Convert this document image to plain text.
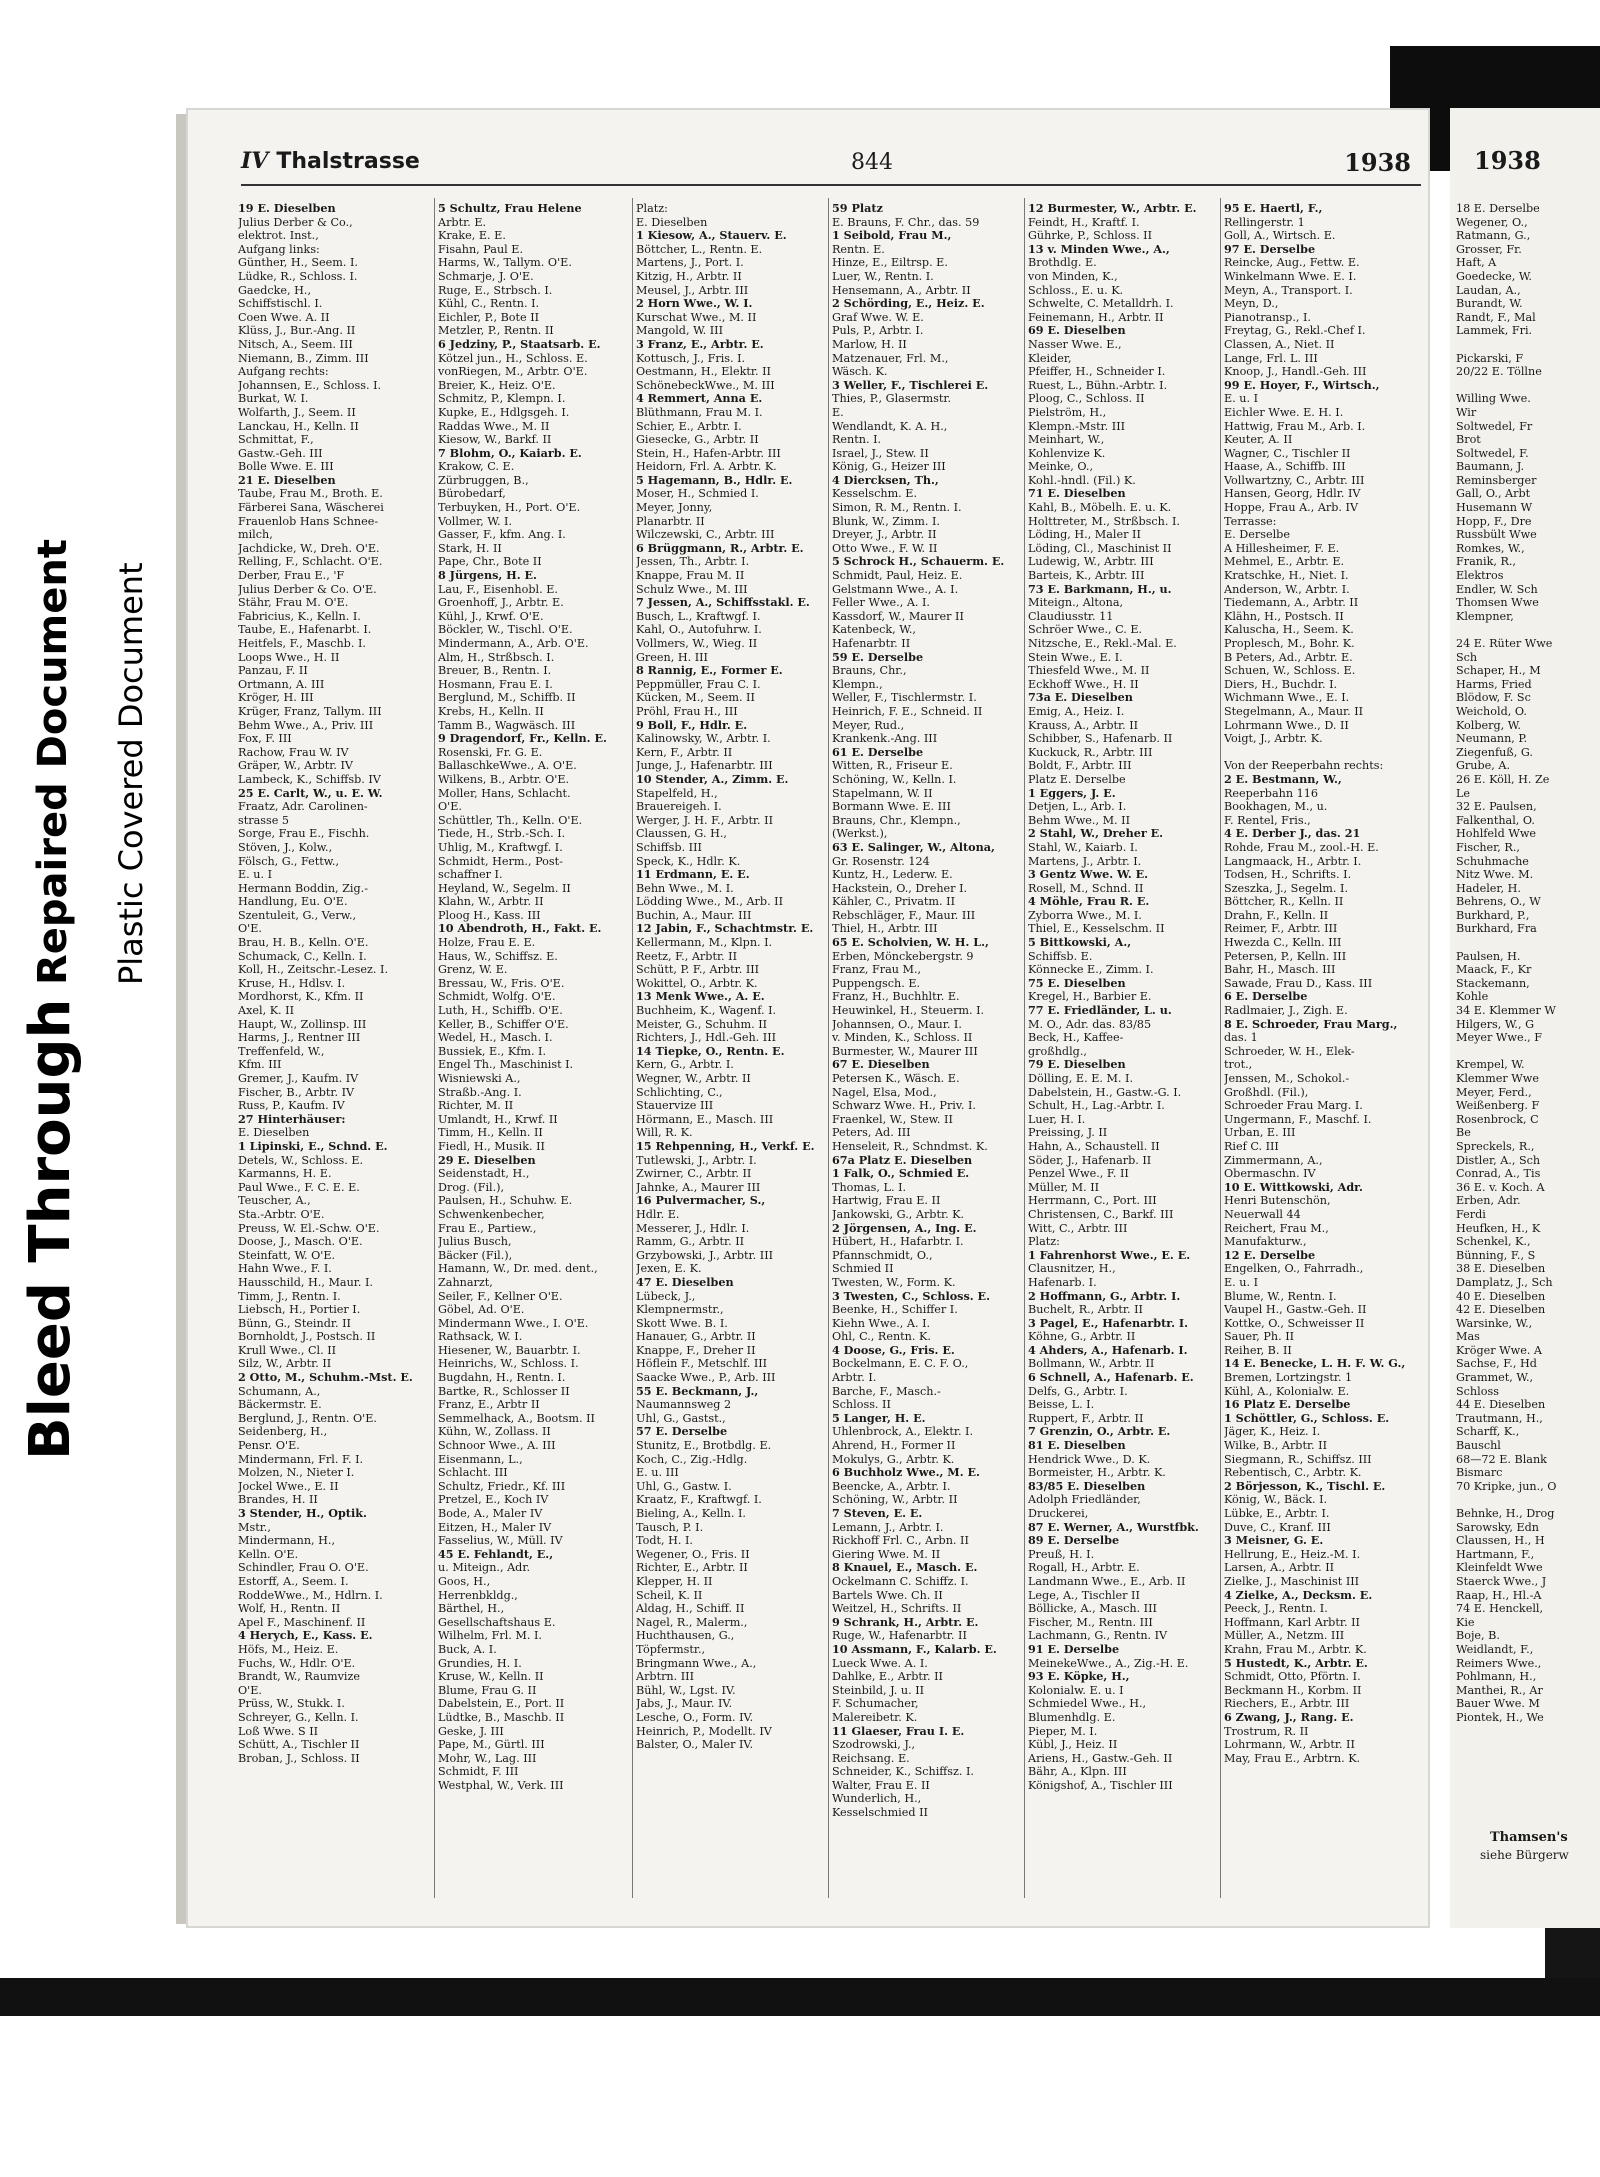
Bleed Through
Repaired Document Plastic Covered Document
IV Thalstrasse	844	1938
19 E. Dieselben
Julius Derber & Co.,
elektrot. Inst.,
Aufgang links:
Günther, H., Seem. I.
Lüdke, R., Schloss. I.
Gaedcke, H.,
Schiffstischl. I.
Coen Wwe. A. II
Klüss, J., Bur.-Ang. II
Nitsch, A., Seem. III
Niemann, B., Zimm. III
Aufgang rechts:
Johannsen, E., Schloss. I.
Burkat, W. I.
Wolfarth, J., Seem. II
Lanckau, H., Kelln. II
Schmittat, F.,
Gastw.-Geh. III
Bolle Wwe. E. III
21 E. Dieselben
Taube, Frau M., Broth. E.
Färberei Sana, Wäscherei
Frauenlob Hans Schnee-
milch,
Jachdicke, W., Dreh. O'E.
Relling, F., Schlacht. O'E.
Derber, Frau E., 'F
Julius Derber & Co. O'E.
Stähr, Frau M. O'E.
Fabricius, K., Kelln. I.
Taube, E., Hafenarbt. I.
Heitfels, F., Maschb. I.
Loops Wwe., H. II
Panzau, F. II
Ortmann, A. III
Kröger, H. III
Krüger, Franz, Tallym. III
Behm Wwe., A., Priv. III
Fox, F. III
Rachow, Frau W. IV
Gräper, W., Arbtr. IV
Lambeck, K., Schiffsb. IV
25 E. Carlt, W., u. E. W.
Fraatz, Adr. Carolinen-
strasse 5
Sorge, Frau E., Fischh.
Stöven, J., Kolw.,
Fölsch, G., Fettw.,
E. u. I
Hermann Boddin, Zig.-
Handlung, Eu. O'E.
Szentuleit, G., Verw.,
O'E.
Brau, H. B., Kelln. O'E.
Schumack, C., Kelln. I.
Koll, H., Zeitschr.-Lesez. I.
Kruse, H., Hdlsv. I.
Mordhorst, K., Kfm. II
Axel, K. II
Haupt, W., Zollinsp. III
Harms, J., Rentner III
Treffenfeld, W.,
Kfm. III
Gremer, J., Kaufm. IV
Fischer, B., Arbtr. IV
Russ, P., Kaufm. IV
27 Hinterhäuser:
E. Dieselben
1 Lipinski, E., Schnd. E.
Detels, W., Schloss. E.
Karmanns, H. E.
Paul Wwe., F. C. E. E.
Teuscher, A.,
Sta.-Arbtr. O'E.
Preuss, W. El.-Schw. O'E.
Doose, J., Masch. O'E.
Steinfatt, W. O'E.
Hahn Wwe., F. I.
Hausschild, H., Maur. I.
Timm, J., Rentn. I.
Liebsch, H., Portier I.
Bünn, G., Steindr. II
Bornholdt, J., Postsch. II
Krull Wwe., Cl. II
Silz, W., Arbtr. II
2 Otto, M., Schuhm.-Mst. E.
Schumann, A.,
Bäckermstr. E.
Berglund, J., Rentn. O'E.
Seidenberg, H.,
Pensr. O'E.
Mindermann, Frl. F. I.
Molzen, N., Nieter I.
Jockel Wwe., E. II
Brandes, H. II
3 Stender, H., Optik.
Mstr.,
Mindermann, H.,
Kelln. O'E.
Schindler, Frau O. O'E.
Estorff, A., Seem. I.
RoddeWwe., M., Hdlrn. I.
Wolf, H., Rentn. II
Apel F., Maschinenf. II
4 Herych, E., Kass. E.
Höfs, M., Heiz. E.
Fuchs, W., Hdlr. O'E.
Brandt, W., Raumvize
O'E.
Prüss, W., Stukk. I.
Schreyer, G., Kelln. I.
Loß Wwe. S II
Schütt, A., Tischler II
Broban, J., Schloss. II
5 Schultz, Frau Helene
Arbtr. E.
Krake, E. E.
Fisahn, Paul E.
Harms, W., Tallym. O'E.
Schmarje, J. O'E.
Ruge, E., Strbsch. I.
Kühl, C., Rentn. I.
Eichler, P., Bote II
Metzler, P., Rentn. II
6 Jedziny, P., Staatsarb. E.
Kötzel jun., H., Schloss. E.
vonRiegen, M., Arbtr. O'E.
Breier, K., Heiz. O'E.
Schmitz, P., Klempn. I.
Kupke, E., Hdlgsgeh. I.
Raddas Wwe., M. II
Kiesow, W., Barkf. II
7 Blohm, O., Kaiarb. E.
Krakow, C. E.
Zürbruggen, B.,
Bürobedarf,
Terbuyken, H., Port. O'E.
Vollmer, W. I.
Gasser, F., kfm. Ang. I.
Stark, H. II
Pape, Chr., Bote II
8 Jürgens, H. E.
Lau, F., Eisenhobl. E.
Groenhoff, J., Arbtr. E.
Kühl, J., Krwf. O'E.
Böckler, W., Tischl. O'E.
Mindermann, A., Arb. O'E.
Alm, H., Strßbsch. I.
Breuer, B., Rentn. I.
Hosmann, Frau E. I.
Berglund, M., Schiffb. II
Krebs, H., Kelln. II
Tamm B., Wagwäsch. III
9 Dragendorf, Fr., Kelln. E.
Rosenski, Fr. G. E.
BallaschkeWwe., A. O'E.
Wilkens, B., Arbtr. O'E.
Moller, Hans, Schlacht.
O'E.
Schüttler, Th., Kelln. O'E.
Tiede, H., Strb.-Sch. I.
Uhlig, M., Kraftwgf. I.
Schmidt, Herm., Post-
schaffner I.
Heyland, W., Segelm. II
Klahn, W., Arbtr. II
Ploog H., Kass. III
10 Abendroth, H., Fakt. E.
Holze, Frau E. E.
Haus, W., Schiffsz. E.
Grenz, W. E.
Bressau, W., Fris. O'E.
Schmidt, Wolfg. O'E.
Luth, H., Schiffb. O'E.
Keller, B., Schiffer O'E.
Wedel, H., Masch. I.
Bussiek, E., Kfm. I.
Engel Th., Maschinist I.
Wisniewski A.,
Straßb.-Ang. I.
Richter, M. II
Umlandt, H., Krwf. II
Timm, H., Kelln. II
Fiedl, H., Musik. II
29 E. Dieselben
Seidenstadt, H.,
Drog. (Fil.),
Paulsen, H., Schuhw. E.
Schwenkenbecher,
Frau E., Partiew.,
Julius Busch,
Bäcker (Fil.),
Hamann, W., Dr. med. dent.,
Zahnarzt,
Seiler, F., Kellner O'E.
Göbel, Ad. O'E.
Mindermann Wwe., I. O'E.
Rathsack, W. I.
Hiesener, W., Bauarbtr. I.
Heinrichs, W., Schloss. I.
Bugdahn, H., Rentn. I.
Bartke, R., Schlosser II
Franz, E., Arbtr II
Semmelhack, A., Bootsm. II
Kühn, W., Zollass. II
Schnoor Wwe., A. III
Eisenmann, L.,
Schlacht. III
Schultz, Friedr., Kf. III
Pretzel, E., Koch IV
Bode, A., Maler IV
Eitzen, H., Maler IV
Fasselius, W., Müll. IV
45 E. Fehlandt, E.,
u. Miteign., Adr.
Goos, H.,
Herrenbkldg.,
Bärthel, H.,
Gesellschaftshaus E.
Wilhelm, Frl. M. I.
Buck, A. I.
Grundies, H. I.
Kruse, W., Kelln. II
Blume, Frau G. II
Dabelstein, E., Port. II
Lüdtke, B., Maschb. II
Geske, J. III
Pape, M., Gürtl. III
Mohr, W., Lag. III
Schmidt, F. III
Westphal, W., Verk. III
Platz:
E. Dieselben
1 Kiesow, A., Stauerv. E.
Böttcher, L., Rentn. E.
Martens, J., Port. I.
Kitzig, H., Arbtr. II
Meusel, J., Arbtr. III
2 Horn Wwe., W. I.
Kurschat Wwe., M. II
Mangold, W. III
3 Franz, E., Arbtr. E.
Kottusch, J., Fris. I.
Oestmann, H., Elektr. II
SchönebeckWwe., M. III
4 Remmert, Anna E.
Blüthmann, Frau M. I.
Schier, E., Arbtr. I.
Giesecke, G., Arbtr. II
Stein, H., Hafen-Arbtr. III
Heidorn, Frl. A. Arbtr. K.
5 Hagemann, B., Hdlr. E.
Moser, H., Schmied I.
Meyer, Jonny,
Planarbtr. II
Wilczewski, C., Arbtr. III
6 Brüggmann, R., Arbtr. E.
Jessen, Th., Arbtr. I.
Knappe, Frau M. II
Schulz Wwe., M. III
7 Jessen, A., Schiffsstakl. E.
Busch, L., Kraftwgf. I.
Kahl, O., Autofuhrw. I.
Vollmers, W., Wieg. II
Green, H. III
8 Rannig, E., Former E.
Peppmüller, Frau C. I.
Kücken, M., Seem. II
Pröhl, Frau H., III
9 Boll, F., Hdlr. E.
Kalinowsky, W., Arbtr. I.
Kern, F., Arbtr. II
Junge, J., Hafenarbtr. III
10 Stender, A., Zimm. E.
Stapelfeld, H.,
Brauereigeh. I.
Werger, J. H. F., Arbtr. II
Claussen, G. H.,
Schiffsb. III
Speck, K., Hdlr. K.
11 Erdmann, E. E.
Behn Wwe., M. I.
Lödding Wwe., M., Arb. II
Buchin, A., Maur. III
12 Jabin, F., Schachtmstr. E.
Kellermann, M., Klpn. I.
Reetz, F., Arbtr. II
Schütt, P. F., Arbtr. III
Wokittel, O., Arbtr. K.
13 Menk Wwe., A. E.
Buchheim, K., Wagenf. I.
Meister, G., Schuhm. II
Richters, J., Hdl.-Geh. III
14 Tiepke, O., Rentn. E.
Kern, G., Arbtr. I.
Wegner, W., Arbtr. II
Schlichting, C.,
Stauervize III
Hörmann, E., Masch. III
Will, R. K.
15 Rehpenning, H., Verkf. E.
Tutlewski, J., Arbtr. I.
Zwirner, C., Arbtr. II
Jahnke, A., Maurer III
16 Pulvermacher, S.,
Hdlr. E.
Messerer, J., Hdlr. I.
Ramm, G., Arbtr. II
Grzybowski, J., Arbtr. III
Jexen, E. K.
47 E. Dieselben
Lübeck, J.,
Klempnermstr.,
Skott Wwe. B. I.
Hanauer, G., Arbtr. II
Knappe, F., Dreher II
Höflein F., Metschlf. III
Saacke Wwe., P., Arb. III
55 E. Beckmann, J.,
Naumannsweg 2
Uhl, G., Gastst.,
57 E. Derselbe
Stunitz, E., Brotbdlg. E.
Koch, C., Zig.-Hdlg.
E. u. III
Uhl, G., Gastw. I.
Kraatz, F., Kraftwgf. I.
Bieling, A., Kelln. I.
Tausch, P. I.
Todt, H. I.
Wegener, O., Fris. II
Richter, E., Arbtr. II
Klepper, H. II
Scheil, K. II
Aldag, H., Schiff. II
Nagel, R., Malerm.,
Huchthausen, G.,
Töpfermstr.,
Bringmann Wwe., A.,
Arbtrn. III
Bühl, W., Lgst. IV.
Jabs, J., Maur. IV.
Lesche, O., Form. IV.
Heinrich, P., Modellt. IV
Balster, O., Maler IV.
59 Platz
E. Brauns, F. Chr., das. 59
1 Seibold, Frau M.,
Rentn. E.
Hinze, E., Eiltrsp. E.
Luer, W., Rentn. I.
Hensemann, A., Arbtr. II
2 Schörding, E., Heiz. E.
Graf Wwe. W. E.
Puls, P., Arbtr. I.
Marlow, H. II
Matzenauer, Frl. M.,
Wäsch. K.
3 Weller, F., Tischlerei E.
Thies, P., Glasermstr.
E.
Wendlandt, K. A. H.,
Rentn. I.
Israel, J., Stew. II
König, G., Heizer III
4 Diercksen, Th.,
Kesselschm. E.
Simon, R. M., Rentn. I.
Blunk, W., Zimm. I.
Dreyer, J., Arbtr. II
Otto Wwe., F. W. II
5 Schrock H., Schauerm. E.
Schmidt, Paul, Heiz. E.
Gelstmann Wwe., A. I.
Feller Wwe., A. I.
Kassdorf, W., Maurer II
Katenbeck, W.,
Hafenarbtr. II
59 E. Derselbe
Brauns, Chr.,
Klempn.,
Weller, F., Tischlermstr. I.
Heinrich, F. E., Schneid. II
Meyer, Rud.,
Krankenk.-Ang. III
61 E. Derselbe
Witten, R., Friseur E.
Schöning, W., Kelln. I.
Stapelmann, W. II
Bormann Wwe. E. III
Brauns, Chr., Klempn.,
(Werkst.),
63 E. Salinger, W., Altona,
Gr. Rosenstr. 124
Kuntz, H., Lederw. E.
Hackstein, O., Dreher I.
Kähler, C., Privatm. II
Rebschläger, F., Maur. III
Thiel, H., Arbtr. III
65 E. Scholvien, W. H. L.,
Erben, Mönckebergstr. 9
Franz, Frau M.,
Puppengsch. E.
Franz, H., Buchhltr. E.
Heuwinkel, H., Steuerm. I.
Johannsen, O., Maur. I.
v. Minden, K., Schloss. II
Burmester, W., Maurer III
67 E. Dieselben
Petersen K., Wäsch. E.
Nagel, Elsa, Mod.,
Schwarz Wwe. H., Priv. I.
Fraenkel, W., Stew. II
Peters, Ad. III
Henseleit, R., Schndmst. K.
67a Platz E. Dieselben
1 Falk, O., Schmied E.
Thomas, L. I.
Hartwig, Frau E. II
Jankowski, G., Arbtr. K.
2 Jörgensen, A., Ing. E.
Hübert, H., Hafarbtr. I.
Pfannschmidt, O.,
Schmied II
Twesten, W., Form. K.
3 Twesten, C., Schloss. E.
Beenke, H., Schiffer I.
Kiehn Wwe., A. I.
Ohl, C., Rentn. K.
4 Doose, G., Fris. E.
Bockelmann, E. C. F. O.,
Arbtr. I.
Barche, F., Masch.-
Schloss. II
5 Langer, H. E.
Uhlenbrock, A., Elektr. I.
Ahrend, H., Former II
Mokulys, G., Arbtr. K.
6 Buchholz Wwe., M. E.
Beencke, A., Arbtr. I.
Schöning, W., Arbtr. II
7 Steven, E. E.
Lemann, J., Arbtr. I.
Rickhoff Frl. C., Arbn. II
Giering Wwe. M. II
8 Knauel, E., Masch. E.
Ockelmann C. Schiffz. I.
Bartels Wwe. Ch. II
Weitzel, H., Schrifts. II
9 Schrank, H., Arbtr. E.
Ruge, W., Hafenarbtr. II
10 Assmann, F., Kalarb. E.
Lueck Wwe. A. I.
Dahlke, E., Arbtr. II
Steinbild, J. u. II
F. Schumacher,
Malereibetr. K.
11 Glaeser, Frau I. E.
Szodrowski, J.,
Reichsang. E.
Schneider, K., Schiffsz. I.
Walter, Frau E. II
Wunderlich, H.,
Kesselschmied II
12 Burmester, W., Arbtr. E.
Feindt, H., Kraftf. I.
Gührke, P., Schloss. II
13 v. Minden Wwe., A.,
Brothdlg. E.
von Minden, K.,
Schloss., E. u. K.
Schwelte, C. Metalldrh. I.
Feinemann, H., Arbtr. II
69 E. Dieselben
Nasser Wwe. E.,
Kleider,
Pfeiffer, H., Schneider I.
Ruest, L., Bühn.-Arbtr. I.
Ploog, C., Schloss. II
Pielström, H.,
Klempn.-Mstr. III
Meinhart, W.,
Kohlenvize K.
Meinke, O.,
Kohl.-hndl. (Fil.) K.
71 E. Dieselben
Kahl, B., Möbelh. E. u. K.
Holttreter, M., Strßbsch. I.
Löding, H., Maler II
Löding, Cl., Maschinist II
Ludewig, W., Arbtr. III
Barteis, K., Arbtr. III
73 E. Barkmann, H., u.
Miteign., Altona,
Claudiusstr. 11
Schröer Wwe., C. E.
Nitzsche, E., Rekl.-Mal. E.
Stein Wwe., E. I.
Thiesfeld Wwe., M. II
Eckhoff Wwe., H. II
73a E. Dieselben
Emig, A., Heiz. I.
Krauss, A., Arbtr. II
Schibber, S., Hafenarb. II
Kuckuck, R., Arbtr. III
Boldt, F., Arbtr. III
Platz E. Derselbe
1 Eggers, J. E.
Detjen, L., Arb. I.
Behm Wwe., M. II
2 Stahl, W., Dreher E.
Stahl, W., Kaiarb. I.
Martens, J., Arbtr. I.
3 Gentz Wwe. W. E.
Rosell, M., Schnd. II
4 Möhle, Frau R. E.
Zyborra Wwe., M. I.
Thiel, E., Kesselschm. II
5 Bittkowski, A.,
Schiffsb. E.
Könnecke E., Zimm. I.
75 E. Dieselben
Kregel, H., Barbier E.
77 E. Friedländer, L. u.
M. O., Adr. das. 83/85
Beck, H., Kaffee-
großhdlg.,
79 E. Dieselben
Dölling, E. E. M. I.
Dabelstein, H., Gastw.-G. I.
Schult, H., Lag.-Arbtr. I.
Luer, H. I.
Preissing, J. II
Hahn, A., Schaustell. II
Söder, J., Hafenarb. II
Penzel Wwe., F. II
Müller, M. II
Herrmann, C., Port. III
Christensen, C., Barkf. III
Witt, C., Arbtr. III
Platz:
1 Fahrenhorst Wwe., E. E.
Clausnitzer, H.,
Hafenarb. I.
2 Hoffmann, G., Arbtr. I.
Buchelt, R., Arbtr. II
3 Pagel, E., Hafenarbtr. I.
Köhne, G., Arbtr. II
4 Ahders, A., Hafenarb. I.
Bollmann, W., Arbtr. II
6 Schnell, A., Hafenarb. E.
Delfs, G., Arbtr. I.
Beisse, L. I.
Ruppert, F., Arbtr. II
7 Grenzin, O., Arbtr. E.
81 E. Dieselben
Hendrick Wwe., D. K.
Bormeister, H., Arbtr. K.
83/85 E. Dieselben
Adolph Friedländer,
Druckerei,
87 E. Werner, A., Wurstfbk.
89 E. Derselbe
Preuß, H. I.
Rogall, H., Arbtr. E.
Landmann Wwe., E., Arb. II
Lege, A., Tischler II
Böllicke, A., Masch. III
Fischer, M., Rentn. III
Lachmann, G., Rentn. IV
91 E. Derselbe
MeinekeWwe., A., Zig.-H. E.
93 E. Köpke, H.,
Kolonialw. E. u. I
Schmiedel Wwe., H.,
Blumenhdlg. E.
Pieper, M. I.
Kübl, J., Heiz. II
Ariens, H., Gastw.-Geh. II
Bähr, A., Klpn. III
Königshof, A., Tischler III
95 E. Haertl, F.,
Rellingerstr. 1
Goll, A., Wirtsch. E.
97 E. Derselbe
Reincke, Aug., Fettw. E.
Winkelmann Wwe. E. I.
Meyn, A., Transport. I.
Meyn, D.,
Pianotransp., I.
Freytag, G., Rekl.-Chef I.
Classen, A., Niet. II
Lange, Frl. L. III
Knoop, J., Handl.-Geh. III
99 E. Hoyer, F., Wirtsch.,
E. u. I
Eichler Wwe. E. H. I.
Hattwig, Frau M., Arb. I.
Keuter, A. II
Wagner, C., Tischler II
Haase, A., Schiffb. III
Vollwartzny, C., Arbtr. III
Hansen, Georg, Hdlr. IV
Hoppe, Frau A., Arb. IV
Terrasse:
E. Derselbe
A Hillesheimer, F. E.
Mehmel, E., Arbtr. E.
Kratschke, H., Niet. I.
Anderson, W., Arbtr. I.
Tiedemann, A., Arbtr. II
Klähn, H., Postsch. II
Kaluscha, H., Seem. K.
Proplesch, M., Bohr. K.
B Peters, Ad., Arbtr. E.
Schuen, W., Schloss. E.
Diers, H., Buchdr. I.
Wichmann Wwe., E. I.
Stegelmann, A., Maur. II
Lohrmann Wwe., D. II
Voigt, J., Arbtr. K.

Von der Reeperbahn rechts:
2 E. Bestmann, W.,
Reeperbahn 116
Bookhagen, M., u.
F. Rentel, Fris.,
4 E. Derber J., das. 21
Rohde, Frau M., zool.-H. E.
Langmaack, H., Arbtr. I.
Todsen, H., Schrifts. I.
Szeszka, J., Segelm. I.
Böttcher, R., Kelln. II
Drahn, F., Kelln. II
Reimer, F., Arbtr. III
Hwezda C., Kelln. III
Petersen, P., Kelln. III
Bahr, H., Masch. III
Sawade, Frau D., Kass. III
6 E. Derselbe
Radlmaier, J., Zigh. E.
8 E. Schroeder, Frau Marg.,
das. 1
Schroeder, W. H., Elek-
trot.,
Jenssen, M., Schokol.-
Großhdl. (Fil.),
Schroeder Frau Marg. I.
Ungermann, F., Maschf. I.
Urban, E. III
Rief C. III
Zimmermann, A.,
Obermaschn. IV
10 E. Wittkowski, Adr.
Henri Butenschön,
Neuerwall 44
Reichert, Frau M.,
Manufakturw.,
12 E. Derselbe
Engelken, O., Fahrradh.,
E. u. I
Blume, W., Rentn. I.
Vaupel H., Gastw.-Geh. II
Kottke, O., Schweisser II
Sauer, Ph. II
Reiher, B. II
14 E. Benecke, L. H. F. W. G.,
Bremen, Lortzingstr. 1
Kühl, A., Kolonialw. E.
16 Platz E. Derselbe
1 Schöttler, G., Schloss. E.
Jäger, K., Heiz. I.
Wilke, B., Arbtr. II
Siegmann, R., Schiffsz. III
Rebentisch, C., Arbtr. K.
2 Börjesson, K., Tischl. E.
König, W., Bäck. I.
Lübke, E., Arbtr. I.
Duve, C., Kranf. III
3 Meisner, G. E.
Hellrung, E., Heiz.-M. I.
Larsen, A., Arbtr. II
Zielke, J., Maschinist III
4 Zielke, A., Decksm. E.
Peeck, J., Rentn. I.
Hoffmann, Karl Arbtr. II
Müller, A., Netzm. III
Krahn, Frau M., Arbtr. K.
5 Hustedt, K., Arbtr. E.
Schmidt, Otto, Pförtn. I.
Beckmann H., Korbm. II
Riechers, E., Arbtr. III
6 Zwang, J., Rang. E.
Trostrum, R. II
Lohrmann, W., Arbtr. II
May, Frau E., Arbtrn. K.
1938
18 E. Derselbe
Wegener, O.,
Ratmann, G.,
Grosser, Fr.
Haft, A
Goedecke, W.
Laudan, A.,
Burandt, W.
Randt, F., Mal
Lammek, Fri.

Pickarski, F
20/22 E. Töllne

Willing Wwe.
Wir
Soltwedel, Fr
Brot
Soltwedel, F.
Baumann, J.
Reminsberger
Gall, O., Arbt
Husemann W
Hopp, F., Dre
Russbült Wwe
Romkes, W.,
Franik, R.,
Elektros
Endler, W. Sch
Thomsen Wwe
Klempner,

24 E. Rüter Wwe
Sch
Schaper, H., M
Harms, Fried
Blödow, F. Sc
Weichold, O.
Kolberg, W.
Neumann, P.
Ziegenfuß, G.
Grube, A.
26 E. Köll, H. Ze
Le
32 E. Paulsen,
Falkenthal, O.
Hohlfeld Wwe
Fischer, R.,
Schuhmache
Nitz Wwe. M.
Hadeler, H.
Behrens, O., W
Burkhard, P.,
Burkhard, Fra

Paulsen, H.
Maack, F., Kr
Stackemann,
Kohle
34 E. Klemmer W
Hilgers, W., G
Meyer Wwe., F

Krempel, W.
Klemmer Wwe
Meyer, Ferd.,
Weißenberg. F
Rosenbrock, C
Be
Spreckels, R.,
Distler, A., Sch
Conrad, A., Tis
36 E. v. Koch. A
Erben, Adr.
Ferdi
Heufken, H., K
Schenkel, K.,
Bünning, F., S
38 E. Dieselben
Damplatz, J., Sch
40 E. Dieselben
42 E. Dieselben
Warsinke, W.,
Mas
Kröger Wwe. A
Sachse, F., Hd
Grammet, W.,
Schloss
44 E. Dieselben
Trautmann, H.,
Scharff, K.,
Bauschl
68—72 E. Blank
Bismarc
70 Kripke, jun., O

Behnke, H., Drog
Sarowsky, Edn
Claussen, H., H
Hartmann, F.,
Kleinfeldt Wwe
Staerck Wwe., J
Raap, H., Hl.-A
74 E. Henckell,
Kie
Boje, B.
Weidlandt, F.,
Reimers Wwe.,
Pohlmann, H.,
Manthei, R., Ar
Bauer Wwe. M
Piontek, H., We
Thamsen's
siehe Bürgerw
